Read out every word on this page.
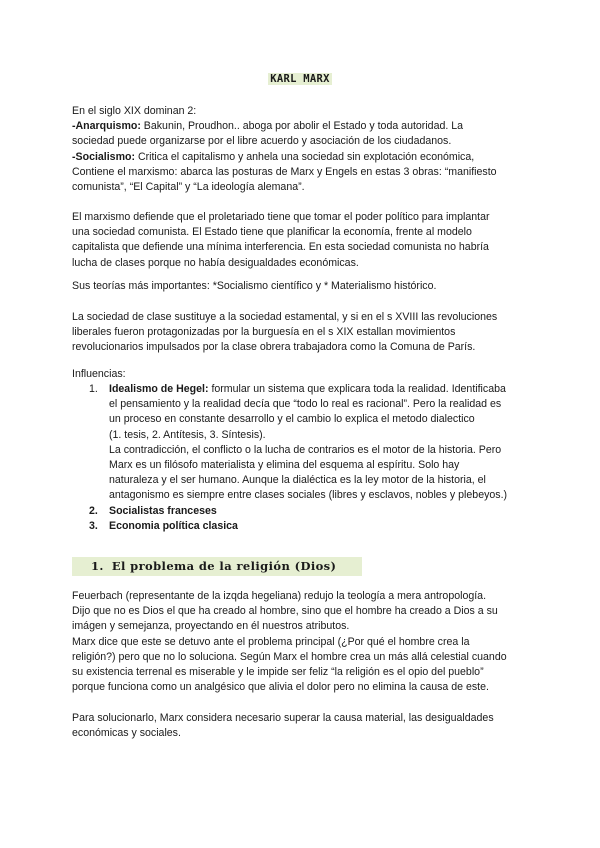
KARL MARX

En el siglo XIX dominan 2:

-Anarquismo: Bakunin, Proudhon.. aboga por abolir el Estado y toda autoridad. La

sociedad puede organizarse por el libre acuerdo y asociación de los ciudadanos.

-Socialismo: Critica el capitalismo y anhela una sociedad sin explotación económica,

Contiene el marxismo: abarca las posturas de Marx y Engels en estas 3 obras: “manifiesto

comunista”, “El Capital” y “La ideología alemana”.

El marxismo defiende que el proletariado tiene que tomar el poder político para implantar

una sociedad comunista. El Estado tiene que planificar la economía, frente al modelo

capitalista que defiende una mínima interferencia. En esta sociedad comunista no habría

lucha de clases porque no había desigualdades económicas.

Sus teorías más importantes: *Socialismo científico y * Materialismo histórico.

La sociedad de clase sustituye a la sociedad estamental, y si en el s XVIII las revoluciones

liberales fueron protagonizadas por la burguesía en el s XIX estallan movimientos

revolucionarios impulsados por la clase obrera trabajadora como la Comuna de París.

Influencias:

1.	Idealismo de Hegel: formular un sistema que explicara toda la realidad. Identificaba

el pensamiento y la realidad decía que “todo lo real es racional”. Pero la realidad es

un proceso en constante desarrollo y el cambio lo explica el metodo dialectico

(1. tesis, 2. Antítesis, 3. Síntesis).

La contradicción, el conflicto o la lucha de contrarios es el motor de la historia. Pero

Marx es un filósofo materialista y elimina del esquema al espíritu. Solo hay

naturaleza y el ser humano. Aunque la dialéctica es la ley motor de la historia, el

antagonismo es siempre entre clases sociales (libres y esclavos, nobles y plebeyos.)

2.	Socialistas franceses

3.	Economia política clasica

1. El problema de la religión (Dios)

Feuerbach (representante de la izqda hegeliana) redujo la teología a mera antropología.

Dijo que no es Dios el que ha creado al hombre, sino que el hombre ha creado a Dios a su

imágen y semejanza, proyectando en él nuestros atributos.

Marx dice que este se detuvo ante el problema principal (¿Por qué el hombre crea la

religión?) pero que no lo soluciona. Según Marx el hombre crea un más allá celestial cuando

su existencia terrenal es miserable y le impide ser feliz “la religión es el opio del pueblo”

porque funciona como un analgésico que alivia el dolor pero no elimina la causa de este.

Para solucionarlo, Marx considera necesario superar la causa material, las desigualdades

económicas y sociales.
